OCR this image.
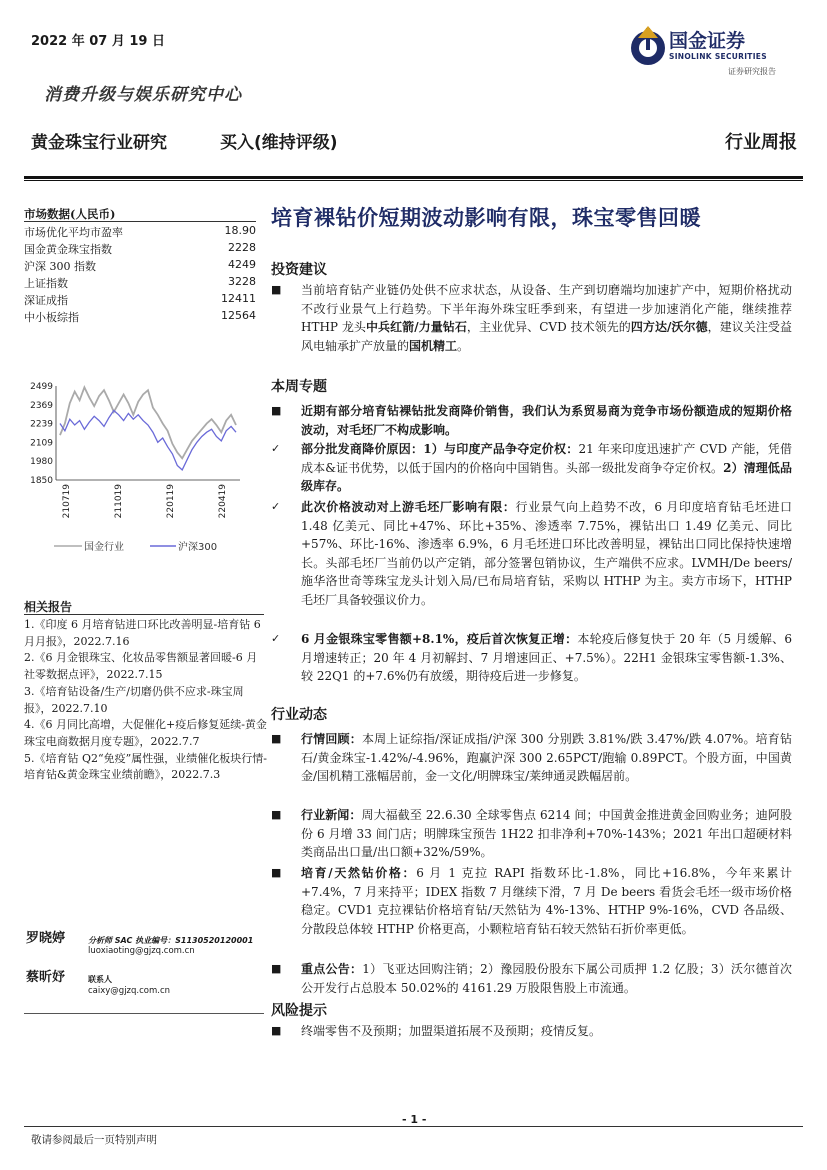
2022 年 07 月 19 日
消费升级与娱乐研究中心
黄金珠宝行业研究	买入(维持评级)	行业周报
国金证券
SINOLINK SECURITIES
证券研究报告
市场数据(人民币)
市场优化平均市盈率	18.90
国金黄金珠宝指数	2228
沪深 300 指数	4249
上证指数	3228
深证成指	12411
中小板综指	12564
2499
2369
2239
2109
1980
1850
210719	211019	220119	220419
国金行业	沪深300
相关报告
1.《印度 6 月培育钻进口环比改善明显-培育钻 6 月月报》，2022.7.16
2.《6 月金银珠宝、化妆品零售额显著回暖-6 月社零数据点评》，2022.7.15
3.《培育钻设备/生产/切磨仍供不应求-珠宝周报》，2022.7.10
4.《6 月同比高增，大促催化+疫后修复延续-黄金珠宝电商数据月度专题》，2022.7.7
5.《培育钻 Q2“免疫”属性强，业绩催化板块行情-培育钻&黄金珠宝业绩前瞻》，2022.7.3
罗晓婷	分析师 SAC 执业编号：S1130520120001
luoxiaoting@gjzq.com.cn
蔡昕妤	联系人
caixy@gjzq.com.cn
培育裸钻价短期波动影响有限，珠宝零售回暖
投资建议
■ 当前培育钻产业链仍处供不应求状态，从设备、生产到切磨端均加速扩产中，短期价格扰动不改行业景气上行趋势。下半年海外珠宝旺季到来，有望进一步加速消化产能，继续推荐 HTHP 龙头中兵红箭/力量钻石，主业优异、CVD 技术领先的四方达/沃尔德，建议关注受益风电轴承扩产放量的国机精工。
本周专题
■ 近期有部分培育钻裸钻批发商降价销售，我们认为系贸易商为竞争市场份额造成的短期价格波动，对毛坯厂不构成影响。
✓ 部分批发商降价原因：1）与印度产品争夺定价权：21 年来印度迅速扩产 CVD 产能，凭借成本&证书优势，以低于国内的价格向中国销售。头部一级批发商争夺定价权。2）清理低品级库存。
✓ 此次价格波动对上游毛坯厂影响有限：行业景气向上趋势不改，6 月印度培育钻毛坯进口 1.48 亿美元、同比+47%、环比+35%、渗透率 7.75%，裸钻出口 1.49 亿美元、同比+57%、环比-16%、渗透率 6.9%，6 月毛坯进口环比改善明显，裸钻出口同比保持快速增长。头部毛坯厂当前仍以产定销，部分签署包销协议，生产端供不应求。LVMH/De beers/施华洛世奇等珠宝龙头计划入局/已布局培育钻，采购以 HTHP 为主。卖方市场下，HTHP 毛坯厂具备较强议价力。
✓ 6 月金银珠宝零售额+8.1%，疫后首次恢复正增：本轮疫后修复快于 20 年（5 月缓解、6 月增速转正；20 年 4 月初解封、7 月增速回正、+7.5%）。22H1 金银珠宝零售额-1.3%、较 22Q1 的+7.6%仍有放缓，期待疫后进一步修复。
行业动态
■ 行情回顾：本周上证综指/深证成指/沪深 300 分别跌 3.81%/跌 3.47%/跌 4.07%。培育钻石/黄金珠宝-1.42%/-4.96%，跑赢沪深 300 2.65PCT/跑输 0.89PCT。个股方面，中国黄金/国机精工涨幅居前，金一文化/明牌珠宝/莱绅通灵跌幅居前。
■ 行业新闻：周大福截至 22.6.30 全球零售点 6214 间；中国黄金推进黄金回购业务；迪阿股份 6 月增 33 间门店；明牌珠宝预告 1H22 扣非净利+70%-143%；2021 年出口超硬材料类商品出口量/出口额+32%/59%。
■ 培育/天然钻价格：6 月 1 克拉 RAPI 指数环比-1.8%，同比+16.8%，今年来累计+7.4%，7 月来持平；IDEX 指数 7 月继续下滑，7 月 De beers 看货会毛坯一级市场价格稳定。CVD1 克拉裸钻价格培育钻/天然钻为 4%-13%、HTHP 9%-16%，CVD 各品级、分散段总体较 HTHP 价格更高，小颗粒培育钻石较天然钻石折价率更低。
■ 重点公告：1）飞亚达回购注销；2）豫园股份股东下属公司质押 1.2 亿股；3）沃尔德首次公开发行占总股本 50.02%的 4161.29 万股限售股上市流通。
风险提示
■ 终端零售不及预期；加盟渠道拓展不及预期；疫情反复。
- 1 -
敬请参阅最后一页特别声明
